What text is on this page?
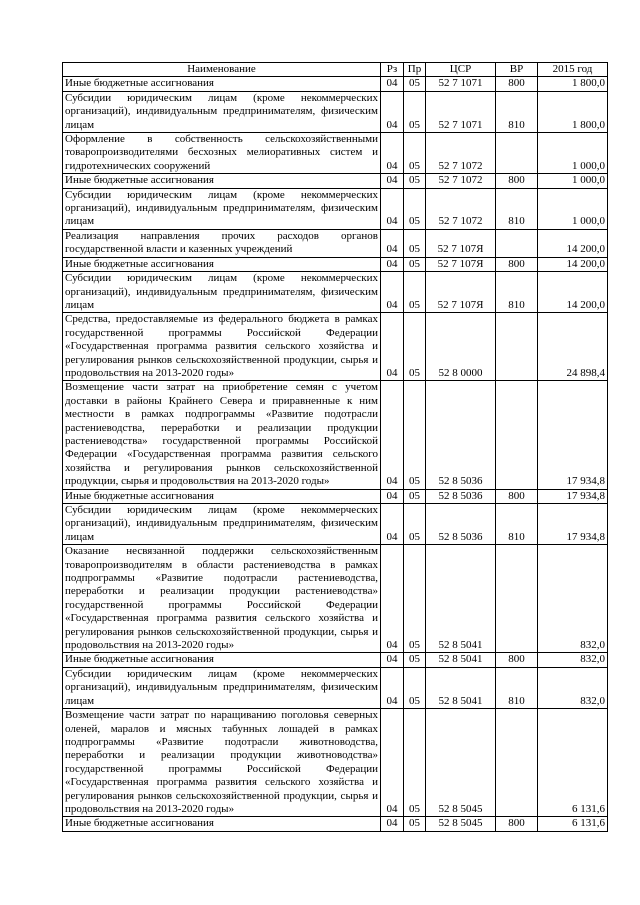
Наименование	Рз	Пр	ЦСР	ВР	2015 год
Иные бюджетные ассигнования	04	05	52 7 1071	800	1 800,0
Субсидии юридическим лицам (кроме некоммерческих организаций), индивидуальным предпринимателям, физическим лицам	04	05	52 7 1071	810	1 800,0
Оформление в собственность сельскохозяйственными товаропроизводителями бесхозных мелиоративных систем и гидротехнических сооружений	04	05	52 7 1072		1 000,0
Иные бюджетные ассигнования	04	05	52 7 1072	800	1 000,0
Субсидии юридическим лицам (кроме некоммерческих организаций), индивидуальным предпринимателям, физическим лицам	04	05	52 7 1072	810	1 000,0
Реализация направления прочих расходов органов государственной власти и казенных учреждений	04	05	52 7 107Я		14 200,0
Иные бюджетные ассигнования	04	05	52 7 107Я	800	14 200,0
Субсидии юридическим лицам (кроме некоммерческих организаций), индивидуальным предпринимателям, физическим лицам	04	05	52 7 107Я	810	14 200,0
Средства, предоставляемые из федерального бюджета в рамках государственной программы Российской Федерации «Государственная программа развития сельского хозяйства и регулирования рынков сельскохозяйственной продукции, сырья и продовольствия на 2013-2020 годы»	04	05	52 8 0000		24 898,4
Возмещение части затрат на приобретение семян с учетом доставки в районы Крайнего Севера и приравненные к ним местности в рамках подпрограммы «Развитие подотрасли растениеводства, переработки и реализации продукции растениеводства» государственной программы Российской Федерации «Государственная программа развития сельского хозяйства и регулирования рынков сельскохозяйственной продукции, сырья и продовольствия на 2013-2020 годы»	04	05	52 8 5036		17 934,8
Иные бюджетные ассигнования	04	05	52 8 5036	800	17 934,8
Субсидии юридическим лицам (кроме некоммерческих организаций), индивидуальным предпринимателям, физическим лицам	04	05	52 8 5036	810	17 934,8
Оказание несвязанной поддержки сельскохозяйственным товаропроизводителям в области растениеводства в рамках подпрограммы «Развитие подотрасли растениеводства, переработки и реализации продукции растениеводства» государственной программы Российской Федерации «Государственная программа развития сельского хозяйства и регулирования рынков сельскохозяйственной продукции, сырья и продовольствия на 2013-2020 годы»	04	05	52 8 5041		832,0
Иные бюджетные ассигнования	04	05	52 8 5041	800	832,0
Субсидии юридическим лицам (кроме некоммерческих организаций), индивидуальным предпринимателям, физическим лицам	04	05	52 8 5041	810	832,0
Возмещение части затрат по наращиванию поголовья северных оленей, маралов и мясных табунных лошадей в рамках подпрограммы «Развитие подотрасли животноводства, переработки и реализации продукции животноводства» государственной программы Российской Федерации «Государственная программа развития сельского хозяйства и регулирования рынков сельскохозяйственной продукции, сырья и продовольствия на 2013-2020 годы»	04	05	52 8 5045		6 131,6
Иные бюджетные ассигнования	04	05	52 8 5045	800	6 131,6
